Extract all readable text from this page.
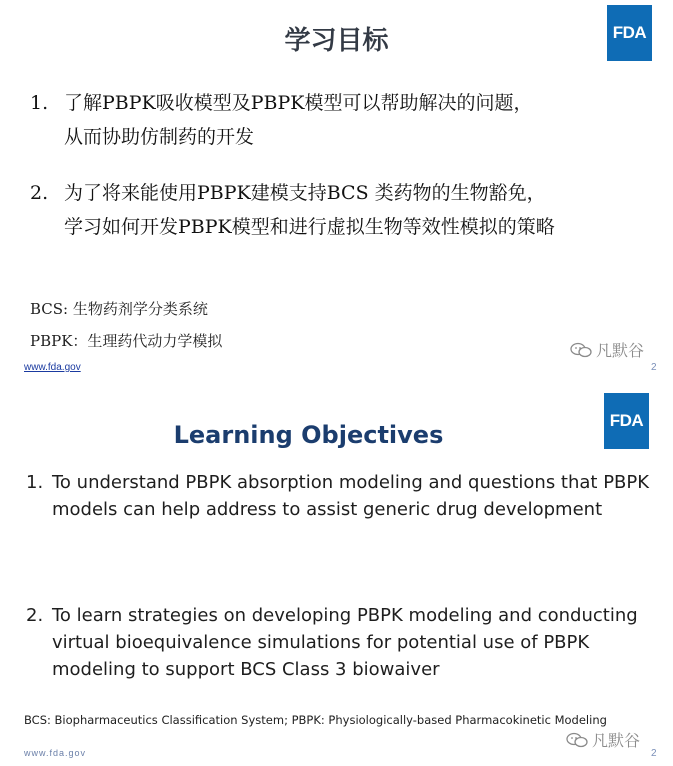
FDA
学习目标
1. 了解PBPK吸收模型及PBPK模型可以帮助解决的问题，
从而协助仿制药的开发
2. 为了将来能使用PBPK建模支持BCS 类药物的生物豁免，
学习如何开发PBPK模型和进行虚拟生物等效性模拟的策略
BCS: 生物药剂学分类系统
PBPK：生理药代动力学模拟	凡默谷
www.fda.gov	2
FDA
Learning Objectives
1. To understand PBPK absorption modeling and questions that PBPK models can help address to assist generic drug development
2. To learn strategies on developing PBPK modeling and conducting virtual bioequivalence simulations for potential use of PBPK modeling to support BCS Class 3 biowaiver
BCS: Biopharmaceutics Classification System; PBPK: Physiologically-based Pharmacokinetic Modeling
凡默谷
www.fda.gov	2
